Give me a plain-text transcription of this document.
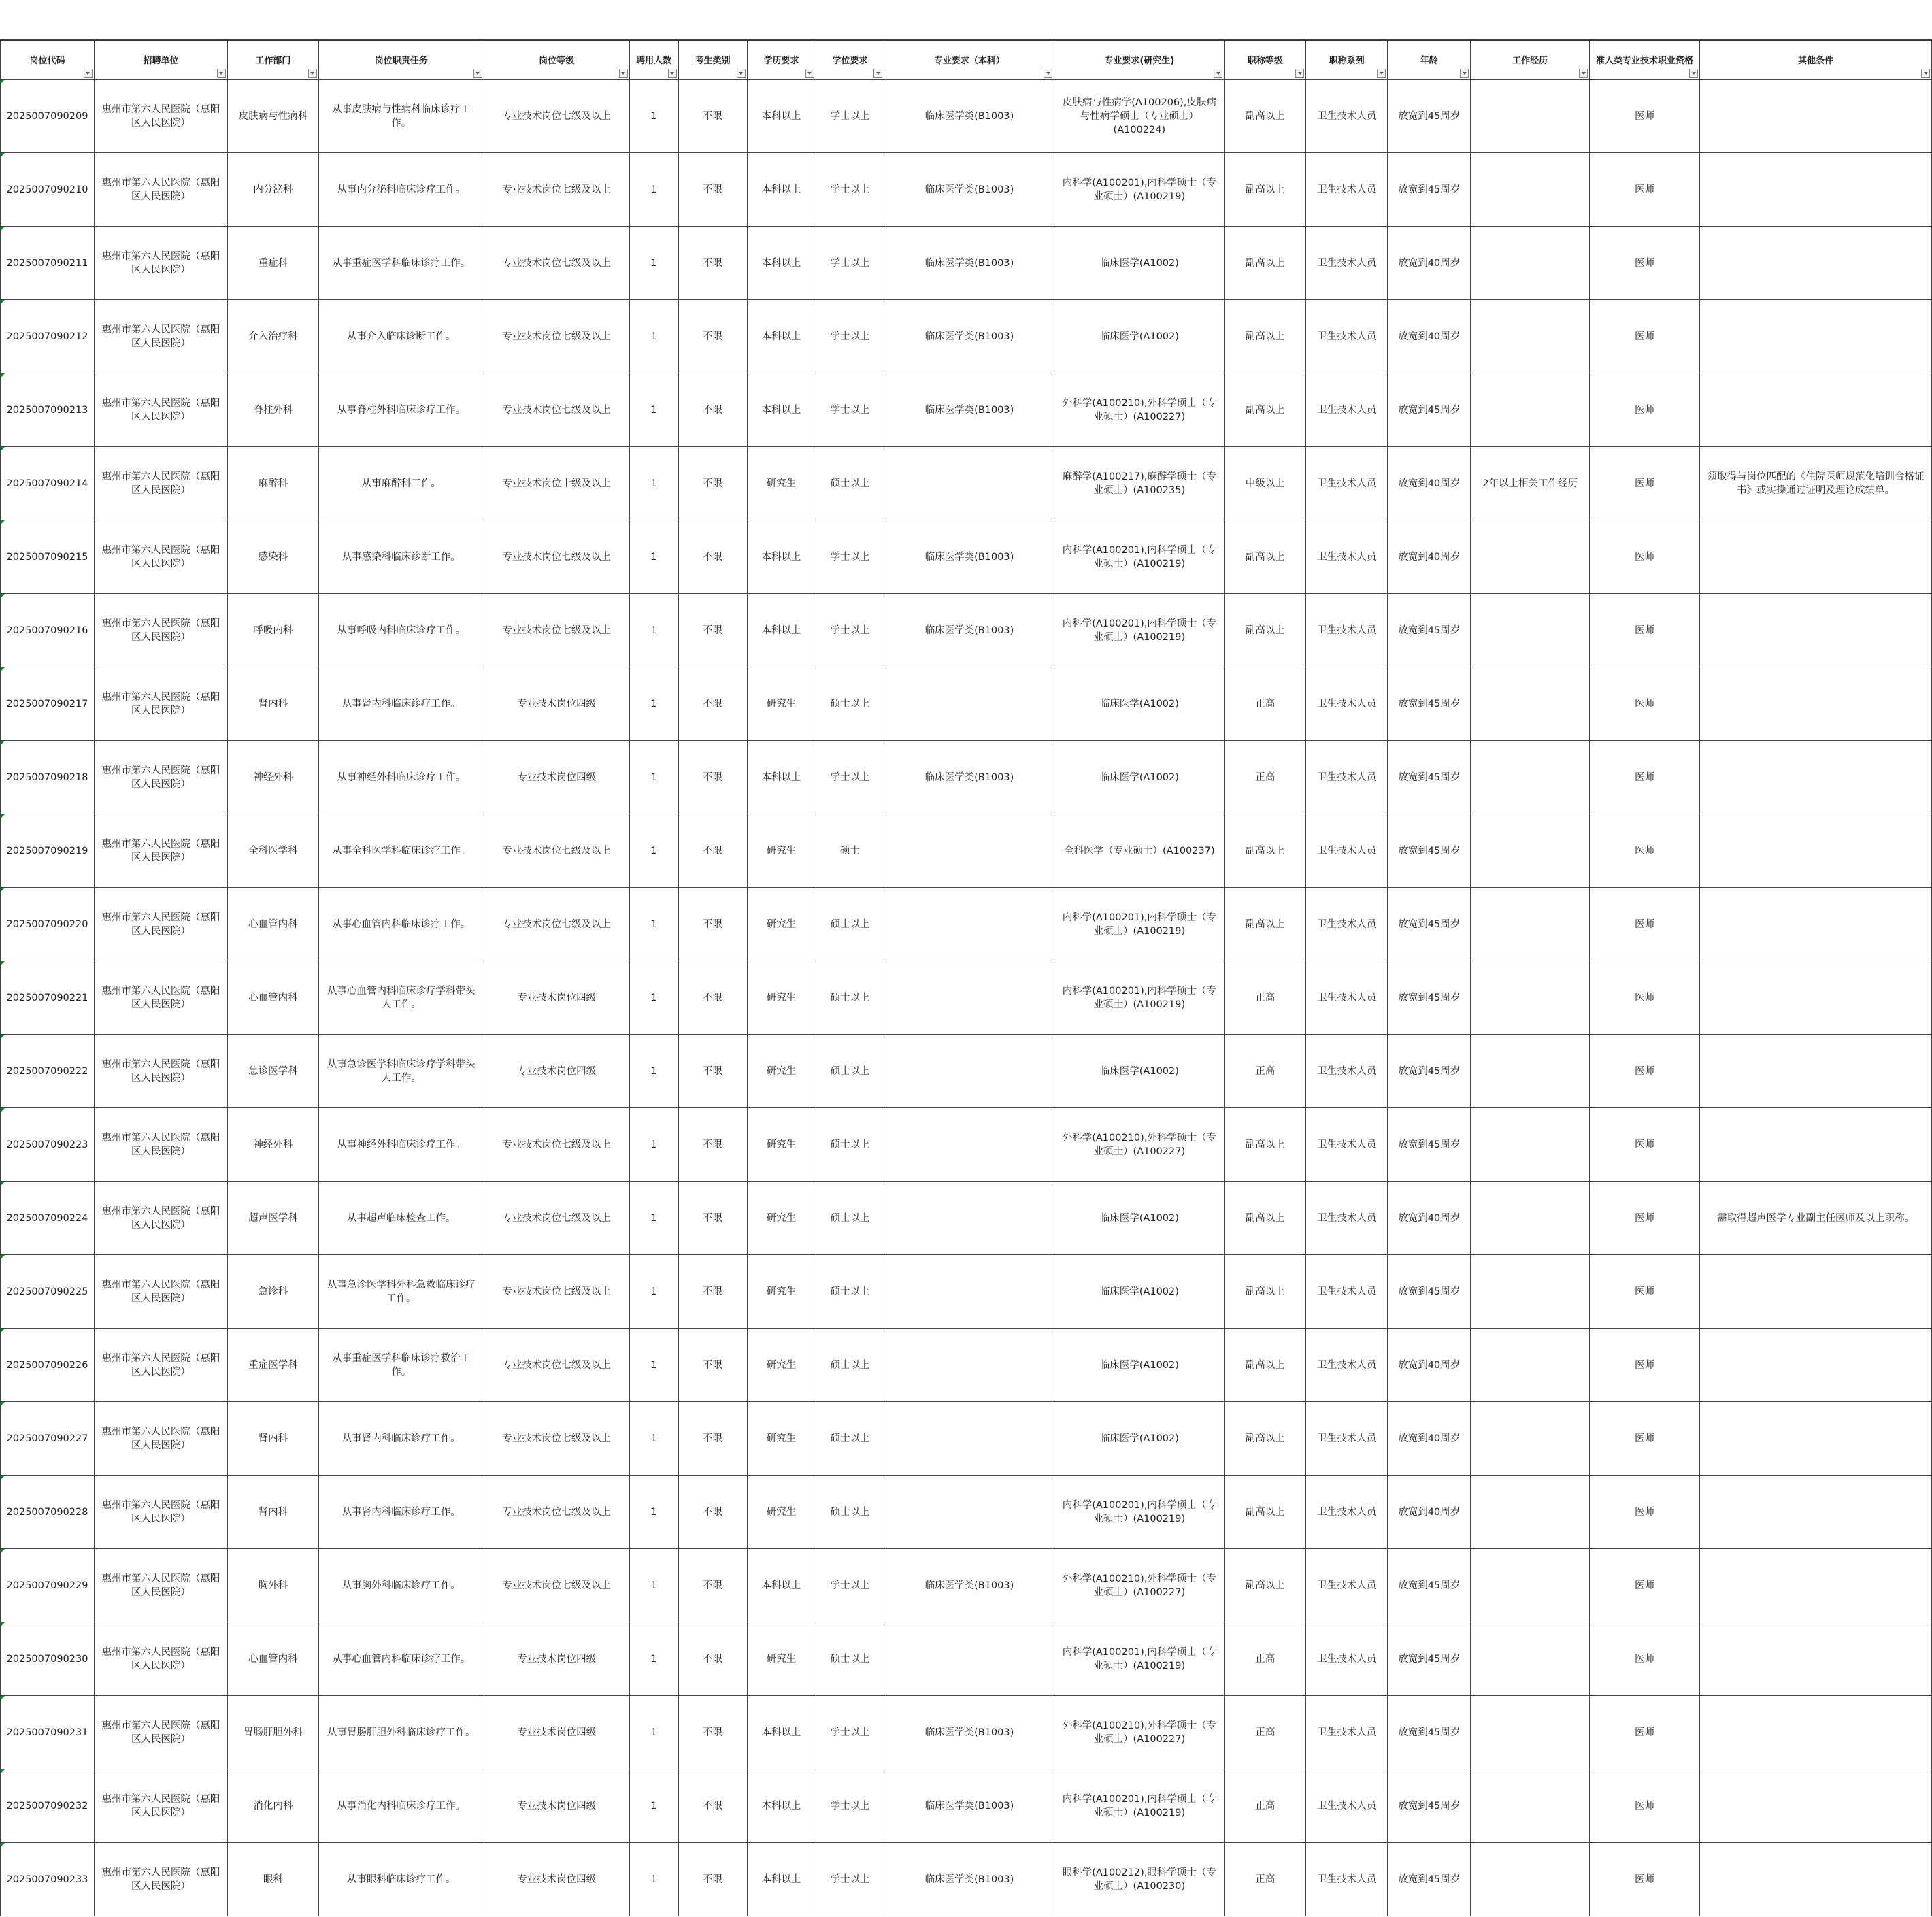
岗位代码	招聘单位	工作部门	岗位职责任务	岗位等级	聘用人数	考生类别	学历要求	学位要求	专业要求（本科）	专业要求(研究生)	职称等级	职称系列	年龄	工作经历	准入类专业技术职业资格	其他条件

2025007090209	惠州市第六人民医院（惠阳区人民医院）	皮肤病与性病科	从事皮肤病与性病科临床诊疗工作。	专业技术岗位七级及以上	1	不限	本科以上	学士以上	临床医学类(B1003)	皮肤病与性病学(A100206),皮肤病与性病学硕士（专业硕士）(A100224)	副高以上	卫生技术人员	放宽到45周岁		医师	
2025007090210	惠州市第六人民医院（惠阳区人民医院）	内分泌科	从事内分泌科临床诊疗工作。	专业技术岗位七级及以上	1	不限	本科以上	学士以上	临床医学类(B1003)	内科学(A100201),内科学硕士（专业硕士）(A100219)	副高以上	卫生技术人员	放宽到45周岁		医师	
2025007090211	惠州市第六人民医院（惠阳区人民医院）	重症科	从事重症医学科临床诊疗工作。	专业技术岗位七级及以上	1	不限	本科以上	学士以上	临床医学类(B1003)	临床医学(A1002)	副高以上	卫生技术人员	放宽到40周岁		医师	
2025007090212	惠州市第六人民医院（惠阳区人民医院）	介入治疗科	从事介入临床诊断工作。	专业技术岗位七级及以上	1	不限	本科以上	学士以上	临床医学类(B1003)	临床医学(A1002)	副高以上	卫生技术人员	放宽到40周岁		医师	
2025007090213	惠州市第六人民医院（惠阳区人民医院）	脊柱外科	从事脊柱外科临床诊疗工作。	专业技术岗位七级及以上	1	不限	本科以上	学士以上	临床医学类(B1003)	外科学(A100210),外科学硕士（专业硕士）(A100227)	副高以上	卫生技术人员	放宽到45周岁		医师	
2025007090214	惠州市第六人民医院（惠阳区人民医院）	麻醉科	从事麻醉科工作。	专业技术岗位十级及以上	1	不限	研究生	硕士以上		麻醉学(A100217),麻醉学硕士（专业硕士）(A100235)	中级以上	卫生技术人员	放宽到40周岁	2年以上相关工作经历	医师	须取得与岗位匹配的《住院医师规范化培训合格证书》或实操通过证明及理论成绩单。
2025007090215	惠州市第六人民医院（惠阳区人民医院）	感染科	从事感染科临床诊断工作。	专业技术岗位七级及以上	1	不限	本科以上	学士以上	临床医学类(B1003)	内科学(A100201),内科学硕士（专业硕士）(A100219)	副高以上	卫生技术人员	放宽到40周岁		医师	
2025007090216	惠州市第六人民医院（惠阳区人民医院）	呼吸内科	从事呼吸内科临床诊疗工作。	专业技术岗位七级及以上	1	不限	本科以上	学士以上	临床医学类(B1003)	内科学(A100201),内科学硕士（专业硕士）(A100219)	副高以上	卫生技术人员	放宽到45周岁		医师	
2025007090217	惠州市第六人民医院（惠阳区人民医院）	肾内科	从事肾内科临床诊疗工作。	专业技术岗位四级	1	不限	研究生	硕士以上		临床医学(A1002)	正高	卫生技术人员	放宽到45周岁		医师	
2025007090218	惠州市第六人民医院（惠阳区人民医院）	神经外科	从事神经外科临床诊疗工作。	专业技术岗位四级	1	不限	本科以上	学士以上	临床医学类(B1003)	临床医学(A1002)	正高	卫生技术人员	放宽到45周岁		医师	
2025007090219	惠州市第六人民医院（惠阳区人民医院）	全科医学科	从事全科医学科临床诊疗工作。	专业技术岗位七级及以上	1	不限	研究生	硕士		全科医学（专业硕士）(A100237)	副高以上	卫生技术人员	放宽到45周岁		医师	
2025007090220	惠州市第六人民医院（惠阳区人民医院）	心血管内科	从事心血管内科临床诊疗工作。	专业技术岗位七级及以上	1	不限	研究生	硕士以上		内科学(A100201),内科学硕士（专业硕士）(A100219)	副高以上	卫生技术人员	放宽到45周岁		医师	
2025007090221	惠州市第六人民医院（惠阳区人民医院）	心血管内科	从事心血管内科临床诊疗学科带头人工作。	专业技术岗位四级	1	不限	研究生	硕士以上		内科学(A100201),内科学硕士（专业硕士）(A100219)	正高	卫生技术人员	放宽到45周岁		医师	
2025007090222	惠州市第六人民医院（惠阳区人民医院）	急诊医学科	从事急诊医学科临床诊疗学科带头人工作。	专业技术岗位四级	1	不限	研究生	硕士以上		临床医学(A1002)	正高	卫生技术人员	放宽到45周岁		医师	
2025007090223	惠州市第六人民医院（惠阳区人民医院）	神经外科	从事神经外科临床诊疗工作。	专业技术岗位七级及以上	1	不限	研究生	硕士以上		外科学(A100210),外科学硕士（专业硕士）(A100227)	副高以上	卫生技术人员	放宽到45周岁		医师	
2025007090224	惠州市第六人民医院（惠阳区人民医院）	超声医学科	从事超声临床检查工作。	专业技术岗位七级及以上	1	不限	研究生	硕士以上		临床医学(A1002)	副高以上	卫生技术人员	放宽到40周岁		医师	需取得超声医学专业副主任医师及以上职称。
2025007090225	惠州市第六人民医院（惠阳区人民医院）	急诊科	从事急诊医学科外科急救临床诊疗工作。	专业技术岗位七级及以上	1	不限	研究生	硕士以上		临床医学(A1002)	副高以上	卫生技术人员	放宽到45周岁		医师	
2025007090226	惠州市第六人民医院（惠阳区人民医院）	重症医学科	从事重症医学科临床诊疗救治工作。	专业技术岗位七级及以上	1	不限	研究生	硕士以上		临床医学(A1002)	副高以上	卫生技术人员	放宽到40周岁		医师	
2025007090227	惠州市第六人民医院（惠阳区人民医院）	肾内科	从事肾内科临床诊疗工作。	专业技术岗位七级及以上	1	不限	研究生	硕士以上		临床医学(A1002)	副高以上	卫生技术人员	放宽到40周岁		医师	
2025007090228	惠州市第六人民医院（惠阳区人民医院）	肾内科	从事肾内科临床诊疗工作。	专业技术岗位七级及以上	1	不限	研究生	硕士以上		内科学(A100201),内科学硕士（专业硕士）(A100219)	副高以上	卫生技术人员	放宽到40周岁		医师	
2025007090229	惠州市第六人民医院（惠阳区人民医院）	胸外科	从事胸外科临床诊疗工作。	专业技术岗位七级及以上	1	不限	本科以上	学士以上	临床医学类(B1003)	外科学(A100210),外科学硕士（专业硕士）(A100227)	副高以上	卫生技术人员	放宽到45周岁		医师	
2025007090230	惠州市第六人民医院（惠阳区人民医院）	心血管内科	从事心血管内科临床诊疗工作。	专业技术岗位四级	1	不限	研究生	硕士以上		内科学(A100201),内科学硕士（专业硕士）(A100219)	正高	卫生技术人员	放宽到45周岁		医师	
2025007090231	惠州市第六人民医院（惠阳区人民医院）	胃肠肝胆外科	从事胃肠肝胆外科临床诊疗工作。	专业技术岗位四级	1	不限	本科以上	学士以上	临床医学类(B1003)	外科学(A100210),外科学硕士（专业硕士）(A100227)	正高	卫生技术人员	放宽到45周岁		医师	
2025007090232	惠州市第六人民医院（惠阳区人民医院）	消化内科	从事消化内科临床诊疗工作。	专业技术岗位四级	1	不限	本科以上	学士以上	临床医学类(B1003)	内科学(A100201),内科学硕士（专业硕士）(A100219)	正高	卫生技术人员	放宽到45周岁		医师	
2025007090233	惠州市第六人民医院（惠阳区人民医院）	眼科	从事眼科临床诊疗工作。	专业技术岗位四级	1	不限	本科以上	学士以上	临床医学类(B1003)	眼科学(A100212),眼科学硕士（专业硕士）(A100230)	正高	卫生技术人员	放宽到45周岁		医师	
